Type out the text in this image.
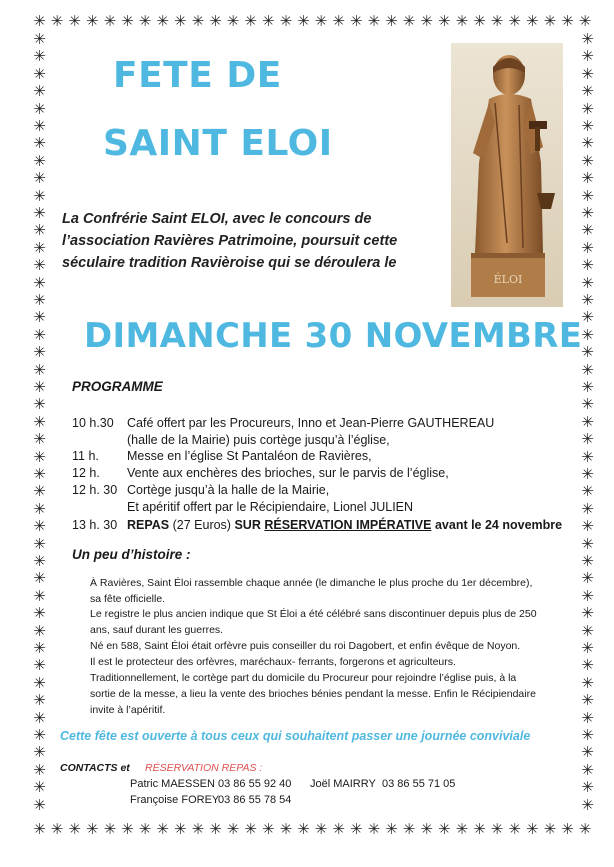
✳
✳
✳
✳
✳
✳
✳
✳
✳
✳
✳
✳
✳
✳
✳
✳
✳
✳
✳
✳
✳
✳
✳
✳
✳
✳
✳
✳
✳
✳
✳
✳
✳
✳
✳
✳
✳
✳
✳
✳
✳
✳
✳
✳
✳
✳
✳
✳
✳
✳
✳
✳
✳
✳
✳
✳
✳
✳
✳
✳
✳
✳
✳
✳
✳	✳
✳	✳
✳	✳
✳	✳
✳	✳
✳	✳
✳	✳
✳	✳
✳	✳
✳	✳
✳	✳
✳	✳
✳	✳
✳	✳
✳	✳
✳	✳
✳	✳
✳	✳
✳	✳
✳	✳
✳	✳
✳	✳
✳	✳
✳	✳
✳	✳
✳	✳
✳	✳
✳	✳
✳	✳
✳	✳
✳	✳
✳	✳
✳	✳
✳	✳
✳	✳
✳	✳
✳	✳
✳	✳
✳	✳
✳	✳
✳	✳
✳	✳
✳	✳
✳	✳
✳	✳
FETE DE
SAINT ELOI
ÉLOI
La Confrérie Saint ELOI, avec le concours de
l’association Ravières Patrimoine, poursuit cette
séculaire tradition Ravièroise qui se déroulera le
DIMANCHE 30 NOVEMBRE
PROGRAMME
10 h.30 Café offert par les Procureurs, Inno et Jean-Pierre GAUTHEREAU
(halle de la Mairie) puis cortège jusqu’à l’église,
11 h. Messe en l’église St Pantaléon de Ravières,
12 h. Vente aux enchères des brioches, sur le parvis de l’église,
12 h. 30 Cortège jusqu’à la halle de la Mairie,
Et apéritif offert par le Récipiendaire, Lionel JULIEN
13 h. 30 REPAS (27 Euros) SUR RÉSERVATION IMPÉRATIVE avant le 24 novembre
Un peu d’histoire :
À Ravières, Saint Éloi rassemble chaque année (le dimanche le plus proche du 1er décembre),
sa fête officielle.
Le registre le plus ancien indique que St Éloi a été célébré sans discontinuer depuis plus de 250
ans, sauf durant les guerres.
Né en 588, Saint Éloi était orfèvre puis conseiller du roi Dagobert, et enfin évêque de Noyon.
Il est le protecteur des orfèvres, maréchaux- ferrants, forgerons et agriculteurs.
Traditionnellement, le cortège part du domicile du Procureur pour rejoindre l’église puis, à la
sortie de la messe, a lieu la vente des brioches bénies pendant la messe. Enfin le Récipiendaire
invite à l’apéritif.
Cette fête est ouverte à tous ceux qui souhaitent passer une journée conviviale
CONTACTS et RÉSERVATION REPAS :
Patric MAESSEN 03 86 55 92 40 Joël MAIRRY 03 86 55 71 05
Françoise FOREY
03 86 55 78 54
